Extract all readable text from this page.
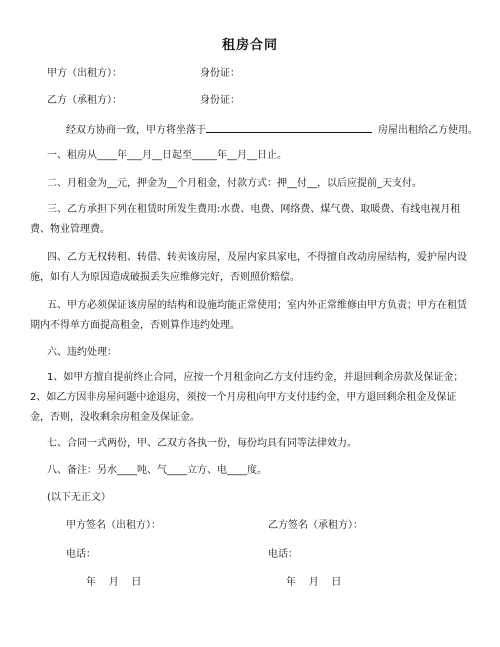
租房合同
甲方（出租方）：	身份证：
乙方（承租方）：	身份证：
经双方协商一致，甲方将坐落于	房屋出租给乙方使用。
一、租房从____年___月__日起至_____年__月__日止。
二、月租金为__元，押金为__个月租金，付款方式：押__付__，以后应提前_天支付。
三、乙方承担下列在租赁时所发生费用:水费、电费、网络费、煤气费、取暖费、有线电视月租费、物业管理费。
四、乙方无权转租、转借、转卖该房屋，及屋内家具家电，不得擅自改动房屋结构，爱护屋内设施，如有人为原因造成破损丢失应维修完好，否则照价赔偿。
五、甲方必须保证该房屋的结构和设施均能正常使用；室内外正常维修由甲方负责；甲方在租赁期内不得单方面提高租金，否则算作违约处理。
六、违约处理：
1、如甲方擅自提前终止合同，应按一个月租金向乙方支付违约金，并退回剩余房款及保证金；2、如乙方因非房屋问题中途退房，须按一个月房租向甲方支付违约金，甲方退回剩余租金及保证金，否则，没收剩余房租金及保证金。
七、合同一式两份，甲、乙双方各执一份，每份均具有同等法律效力。
八、备注：另水____吨、气____立方、电____度。
(以下无正文）
甲方签名（出租方）：	乙方签名（承租方）：
电话：	电话：
年    月    日	年    月    日
